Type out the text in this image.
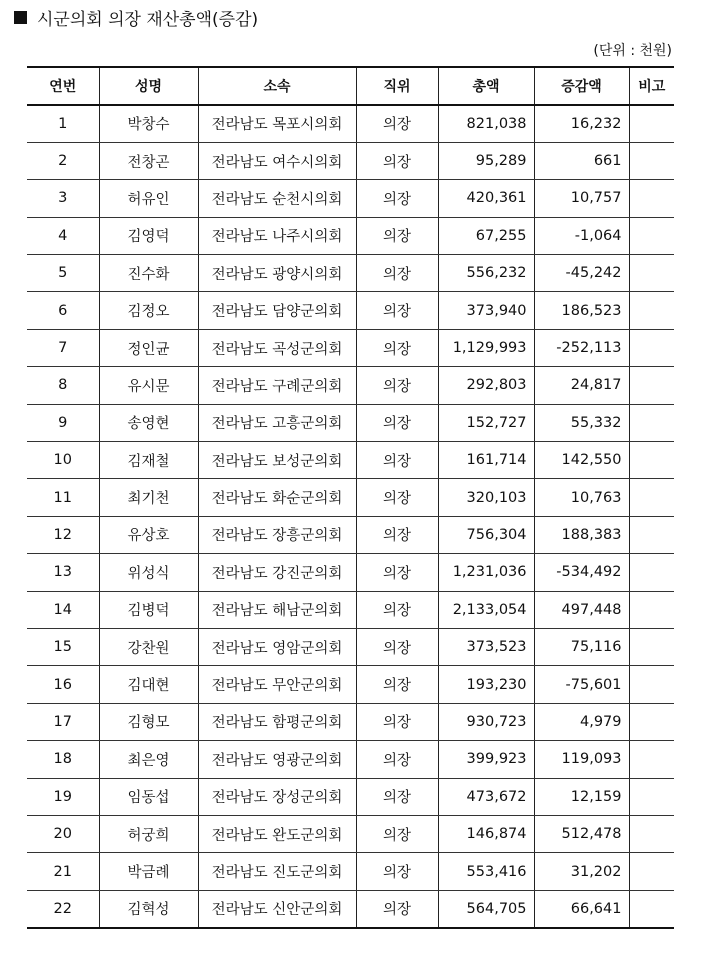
시군의회 의장 재산총액(증감)
(단위 : 천원)
연번	성명	소속	직위	총액	증감액	비고
1	박창수	전라남도 목포시의회	의장	821,038	16,232	
2	전창곤	전라남도 여수시의회	의장	95,289	661	
3	허유인	전라남도 순천시의회	의장	420,361	10,757	
4	김영덕	전라남도 나주시의회	의장	67,255	-1,064	
5	진수화	전라남도 광양시의회	의장	556,232	-45,242	
6	김정오	전라남도 담양군의회	의장	373,940	186,523	
7	정인균	전라남도 곡성군의회	의장	1,129,993	-252,113	
8	유시문	전라남도 구례군의회	의장	292,803	24,817	
9	송영현	전라남도 고흥군의회	의장	152,727	55,332	
10	김재철	전라남도 보성군의회	의장	161,714	142,550	
11	최기천	전라남도 화순군의회	의장	320,103	10,763	
12	유상호	전라남도 장흥군의회	의장	756,304	188,383	
13	위성식	전라남도 강진군의회	의장	1,231,036	-534,492	
14	김병덕	전라남도 해남군의회	의장	2,133,054	497,448	
15	강찬원	전라남도 영암군의회	의장	373,523	75,116	
16	김대현	전라남도 무안군의회	의장	193,230	-75,601	
17	김형모	전라남도 함평군의회	의장	930,723	4,979	
18	최은영	전라남도 영광군의회	의장	399,923	119,093	
19	임동섭	전라남도 장성군의회	의장	473,672	12,159	
20	허궁희	전라남도 완도군의회	의장	146,874	512,478	
21	박금례	전라남도 진도군의회	의장	553,416	31,202	
22	김혁성	전라남도 신안군의회	의장	564,705	66,641	
